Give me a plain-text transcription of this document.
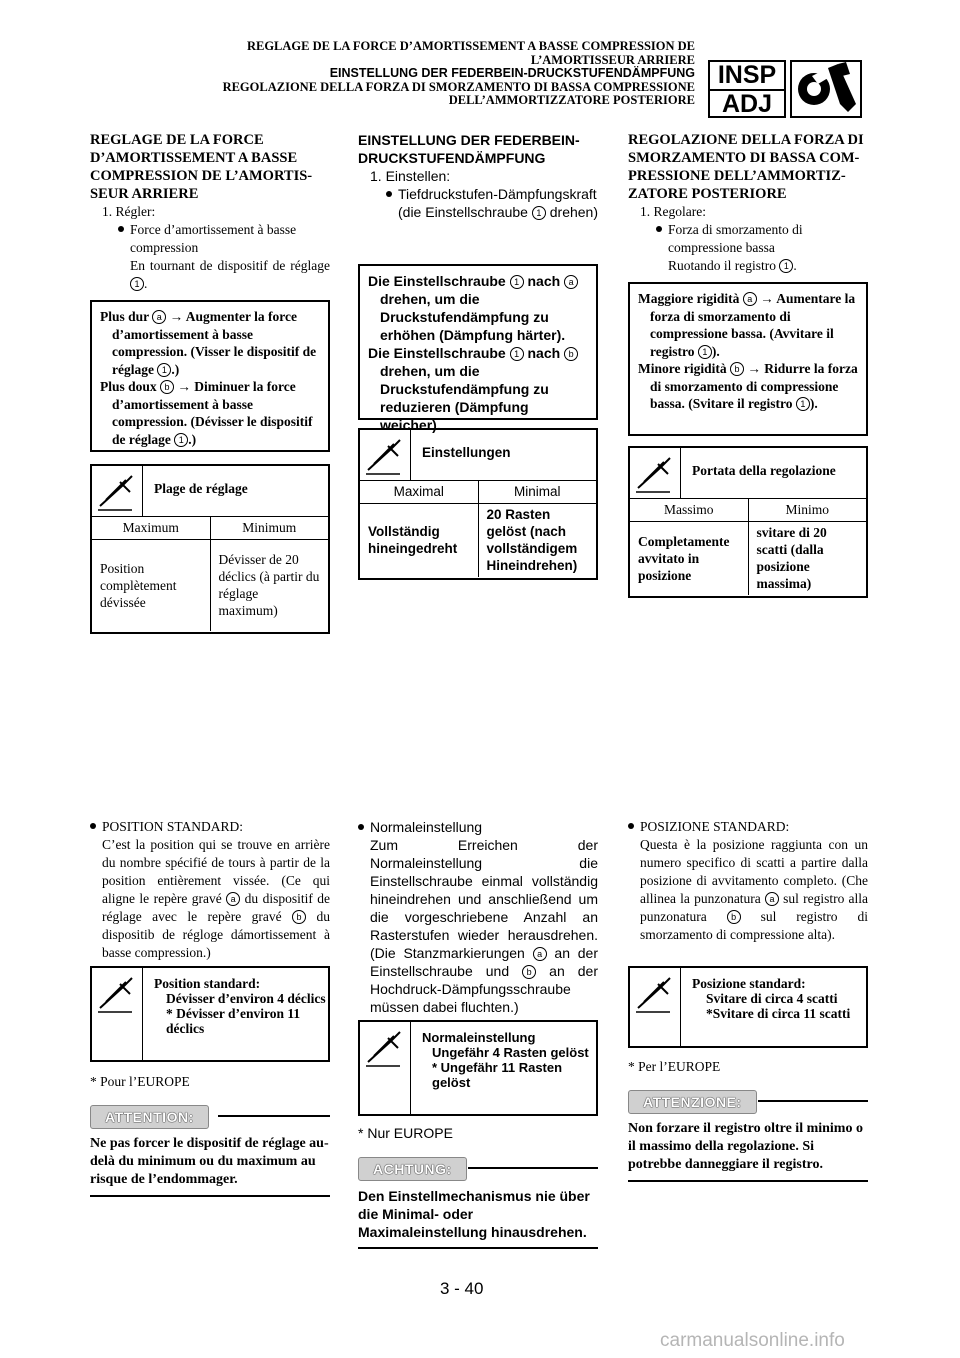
REGLAGE DE LA FORCE D’AMORTISSEMENT A BASSE COMPRESSION DE
L’AMORTISSEUR ARRIERE
EINSTELLUNG DER FEDERBEIN-DRUCKSTUFENDÄMPFUNG
REGOLAZIONE DELLA FORZA DI SMORZAMENTO DI BASSA COMPRESSIONE
DELL’AMMORTIZZATORE POSTERIORE
INSP
ADJ
REGLAGE DE LA FORCE
D’AMORTISSEMENT A BASSE
COMPRESSION DE L’AMORTIS-
SEUR ARRIERE
1. Régler:
Force d’amortissement à basse compression
En tournant de dispositif de réglage 1 .
Plus dur a → Augmenter la force d’amortissement à basse compression. (Visser le dispositif de réglage 1 .)
Plus doux b → Diminuer la force d’amortissement à basse compression. (Dévisser le dispositif de réglage 1 .)
Plage de réglage
Maximum	Minimum
Position complètement dévissée	Dévisser de 20 déclics (à partir du réglage maximum)
POSITION STANDARD:
C’est la position qui se trouve en arrière du nombre spécifié de tours à partir de la position entièrement vissée. (Ce qui aligne le repère gravé a du dispositif de réglage avec le repère gravé b du dispositib de régloge dámortissement à basse compression.)
Position standard:
Dévisser d’environ 4 déclics
* Dévisser d’environ 11 déclics
* Pour l’EUROPE
ATTENTION:
Ne pas forcer le dispositif de réglage au-delà du minimum ou du maximum au risque de l’endommager.
EINSTELLUNG DER FEDERBEIN-
DRUCKSTUFENDÄMPFUNG
1. Einstellen:
Tiefdruckstufen-Dämpfungskraft
(die Einstellschraube 1 drehen)
Die Einstellschraube 1 nach a drehen, um die Druckstufendämpfung zu erhöhen (Dämpfung härter).
Die Einstellschraube 1 nach b drehen, um die Druckstufendämpfung zu reduzieren (Dämpfung weicher).
Einstellungen
Maximal	Minimal
Vollständig hineingedreht	20 Rasten gelöst (nach vollständigem Hineindrehen)
Normaleinstellung
Zum Erreichen der Normaleinstellung die Einstellschraube einmal vollständig hineindrehen und anschließend um die vorgeschriebene Anzahl an Rasterstufen wieder herausdrehen. (Die Stanzmarkierungen a an der Einstellschraube und b an der Hochdruck-Dämpfungsschraube müssen dabei fluchten.)
Normaleinstellung
Ungefähr 4 Rasten gelöst
* Ungefähr 11 Rasten gelöst
* Nur EUROPE
ACHTUNG:
Den Einstellmechanismus nie über die Minimal- oder Maximaleinstellung hinausdrehen.
REGOLAZIONE DELLA FORZA DI
SMORZAMENTO DI BASSA COM-
PRESSIONE DELL’AMMORTIZ-
ZATORE POSTERIORE
1. Regolare:
Forza di smorzamento di compressione bassa
Ruotando il registro 1 .
Maggiore rigidità a → Aumentare la forza di smorzamento di compressione bassa. (Avvitare il registro 1 ).
Minore rigidità b → Ridurre la forza di smorzamento di compressione bassa. (Svitare il registro 1 ).
Portata della regolazione
Massimo	Minimo
Completamente avvitato in posizione	svitare di 20 scatti (dalla posizione massima)
POSIZIONE STANDARD:
Questa è la posizione raggiunta con un numero specifico di scatti a partire dalla posizione di avvitamento completo. (Che allinea la punzonatura a sul registro alla punzonatura b sul registro di smorzamento di compressione alta).
Posizione standard:
Svitare di circa 4 scatti
*Svitare di circa 11 scatti
* Per l’EUROPE
ATTENZIONE:
Non forzare il registro oltre il minimo o il massimo della regolazione. Si potrebbe danneggiare il registro.
3 - 40
carmanualsonline.info
